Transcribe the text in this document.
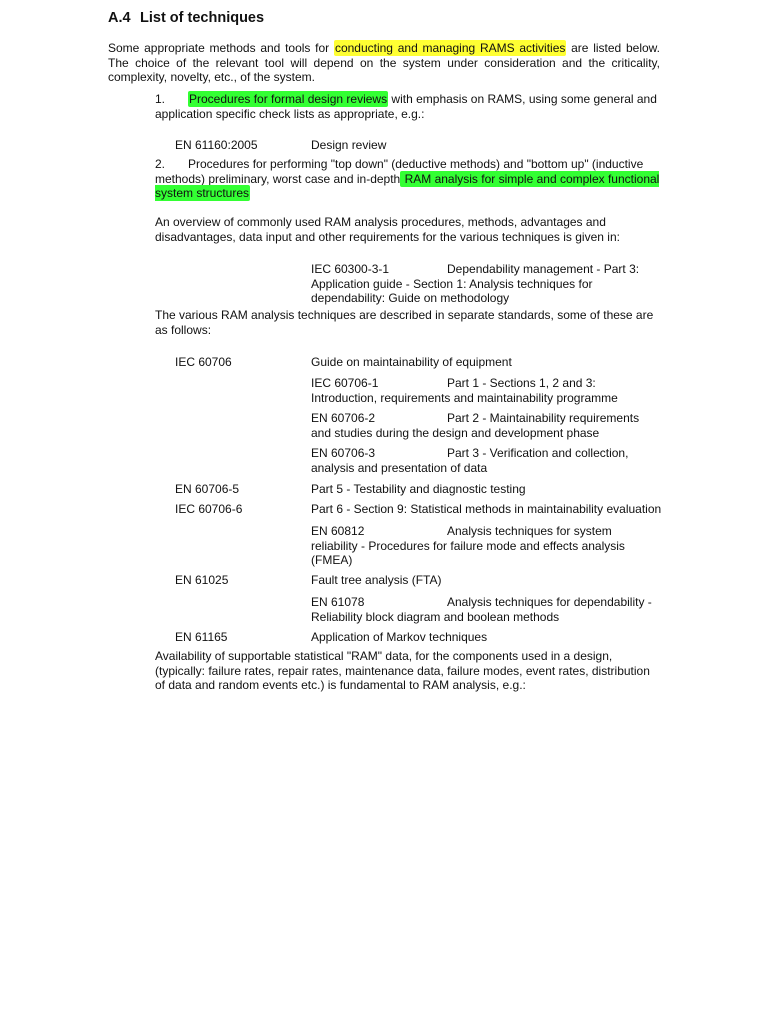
A.4 List of techniques
Some appropriate methods and tools for conducting and managing RAMS activities are listed below. The choice of the relevant tool will depend on the system under consideration and the criticality, complexity, novelty, etc., of the system.
1. Procedures for formal design reviews with emphasis on RAMS, using some general and application specific check lists as appropriate, e.g.:
EN 61160:2005	Design review
2. Procedures for performing "top down" (deductive methods) and "bottom up" (inductive methods) preliminary, worst case and in-depth RAM analysis for simple and complex functional system structures
An overview of commonly used RAM analysis procedures, methods, advantages and disadvantages, data input and other requirements for the various techniques is given in:
IEC 60300-3-1	Dependability management - Part 3: Application guide - Section 1: Analysis techniques for dependability: Guide on methodology
The various RAM analysis techniques are described in separate standards, some of these are as follows:
IEC 60706	Guide on maintainability of equipment
IEC 60706-1	Part 1 - Sections 1, 2 and 3: Introduction, requirements and maintainability programme
EN 60706-2	Part 2 - Maintainability requirements and studies during the design and development phase
EN 60706-3	Part 3 - Verification and collection, analysis and presentation of data
EN 60706-5	Part 5 - Testability and diagnostic testing
IEC 60706-6	Part 6 - Section 9: Statistical methods in maintainability evaluation
EN 60812	Analysis techniques for system reliability - Procedures for failure mode and effects analysis (FMEA)
EN 61025	Fault tree analysis (FTA)
EN 61078	Analysis techniques for dependability - Reliability block diagram and boolean methods
EN 61165	Application of Markov techniques
Availability of supportable statistical "RAM" data, for the components used in a design, (typically: failure rates, repair rates, maintenance data, failure modes, event rates, distribution of data and random events etc.) is fundamental to RAM analysis, e.g.:
